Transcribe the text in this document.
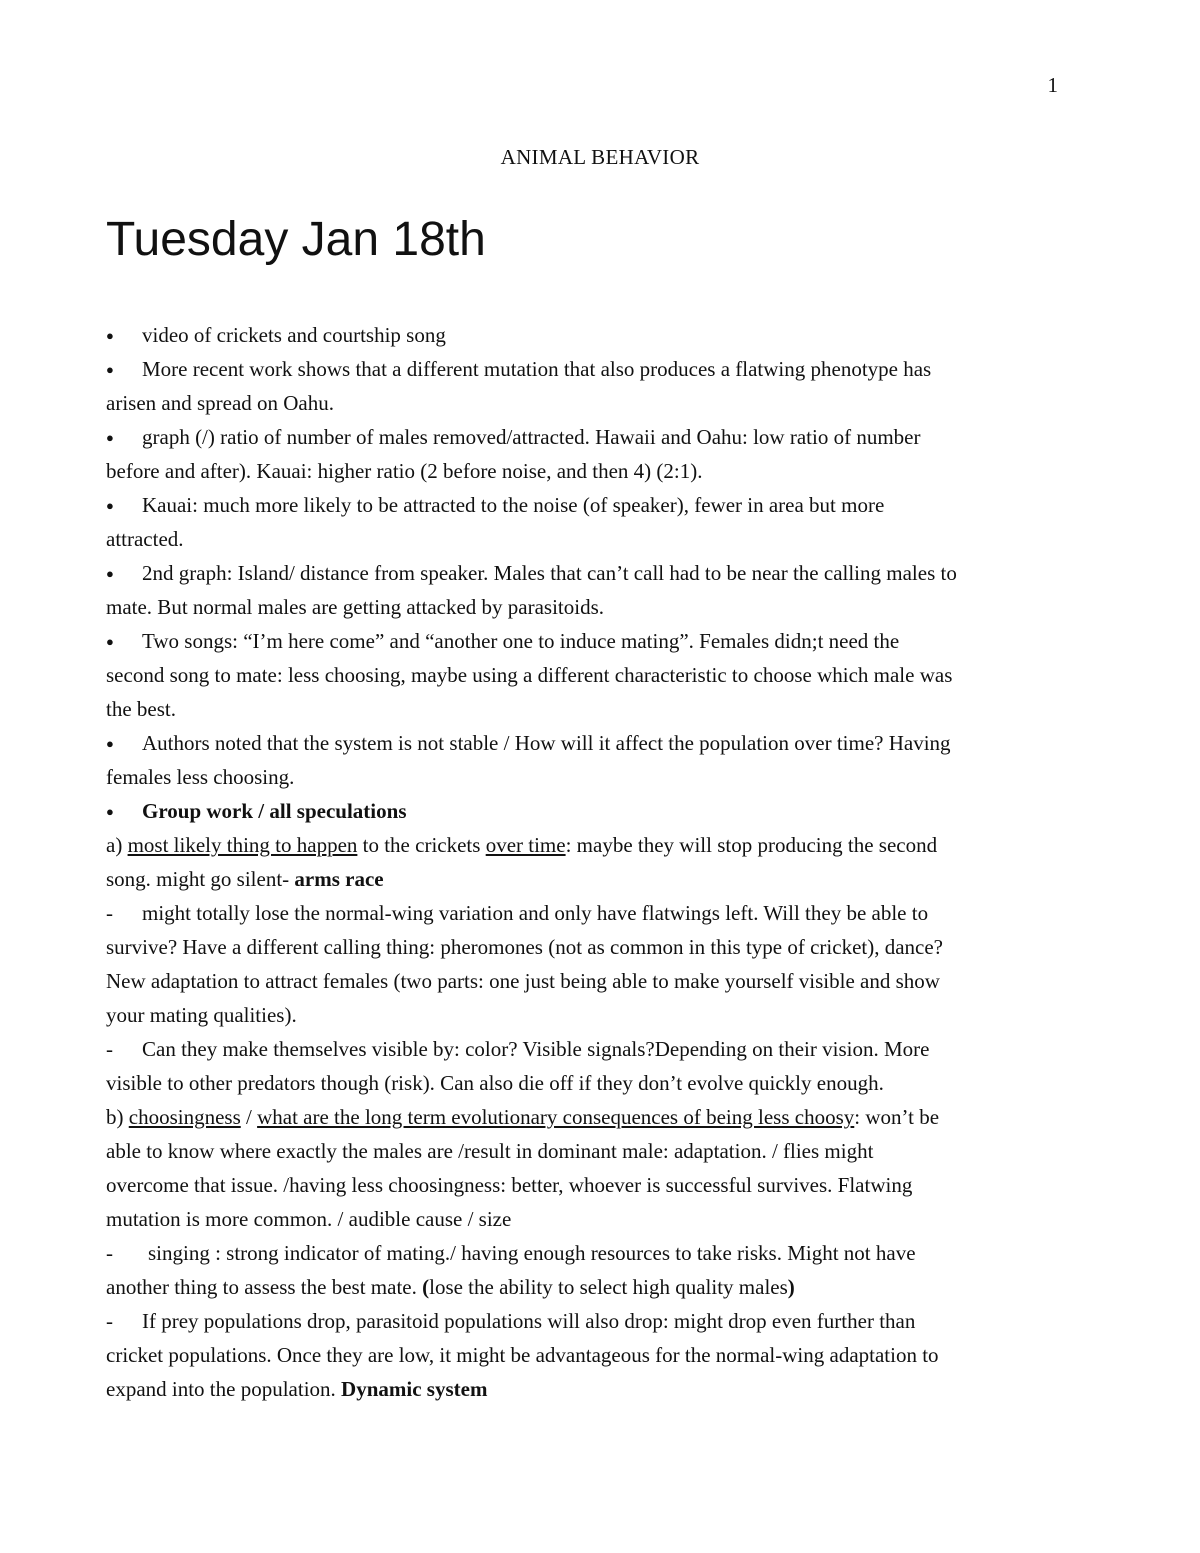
1
ANIMAL BEHAVIOR
Tuesday Jan 18th
● video of crickets and courtship song
● More recent work shows that a different mutation that also produces a flatwing phenotype has
arisen and spread on Oahu.
● graph (/) ratio of number of males removed/attracted. Hawaii and Oahu: low ratio of number
before and after). Kauai: higher ratio (2 before noise, and then 4) (2:1).
● Kauai: much more likely to be attracted to the noise (of speaker), fewer in area but more
attracted.
● 2nd graph: Island/ distance from speaker. Males that can’t call had to be near the calling males to
mate. But normal males are getting attacked by parasitoids.
● Two songs: “I’m here come” and “another one to induce mating”. Females didn;t need the
second song to mate: less choosing, maybe using a different characteristic to choose which male was
the best.
● Authors noted that the system is not stable / How will it affect the population over time? Having
females less choosing.
● Group work / all speculations
a) most likely thing to happen to the crickets over time: maybe they will stop producing the second
song. might go silent- arms race
- might totally lose the normal-wing variation and only have flatwings left. Will they be able to
survive? Have a different calling thing: pheromones (not as common in this type of cricket), dance?
New adaptation to attract females (two parts: one just being able to make yourself visible and show
your mating qualities).
- Can they make themselves visible by: color? Visible signals?Depending on their vision. More
visible to other predators though (risk). Can also die off if they don’t evolve quickly enough.
b) choosingness / what are the long term evolutionary consequences of being less choosy: won’t be
able to know where exactly the males are /result in dominant male: adaptation. / flies might
overcome that issue. /having less choosingness: better, whoever is successful survives. Flatwing
mutation is more common. / audible cause / size
- singing : strong indicator of mating./ having enough resources to take risks. Might not have
another thing to assess the best mate. (lose the ability to select high quality males)
- If prey populations drop, parasitoid populations will also drop: might drop even further than
cricket populations. Once they are low, it might be advantageous for the normal-wing adaptation to
expand into the population. Dynamic system
